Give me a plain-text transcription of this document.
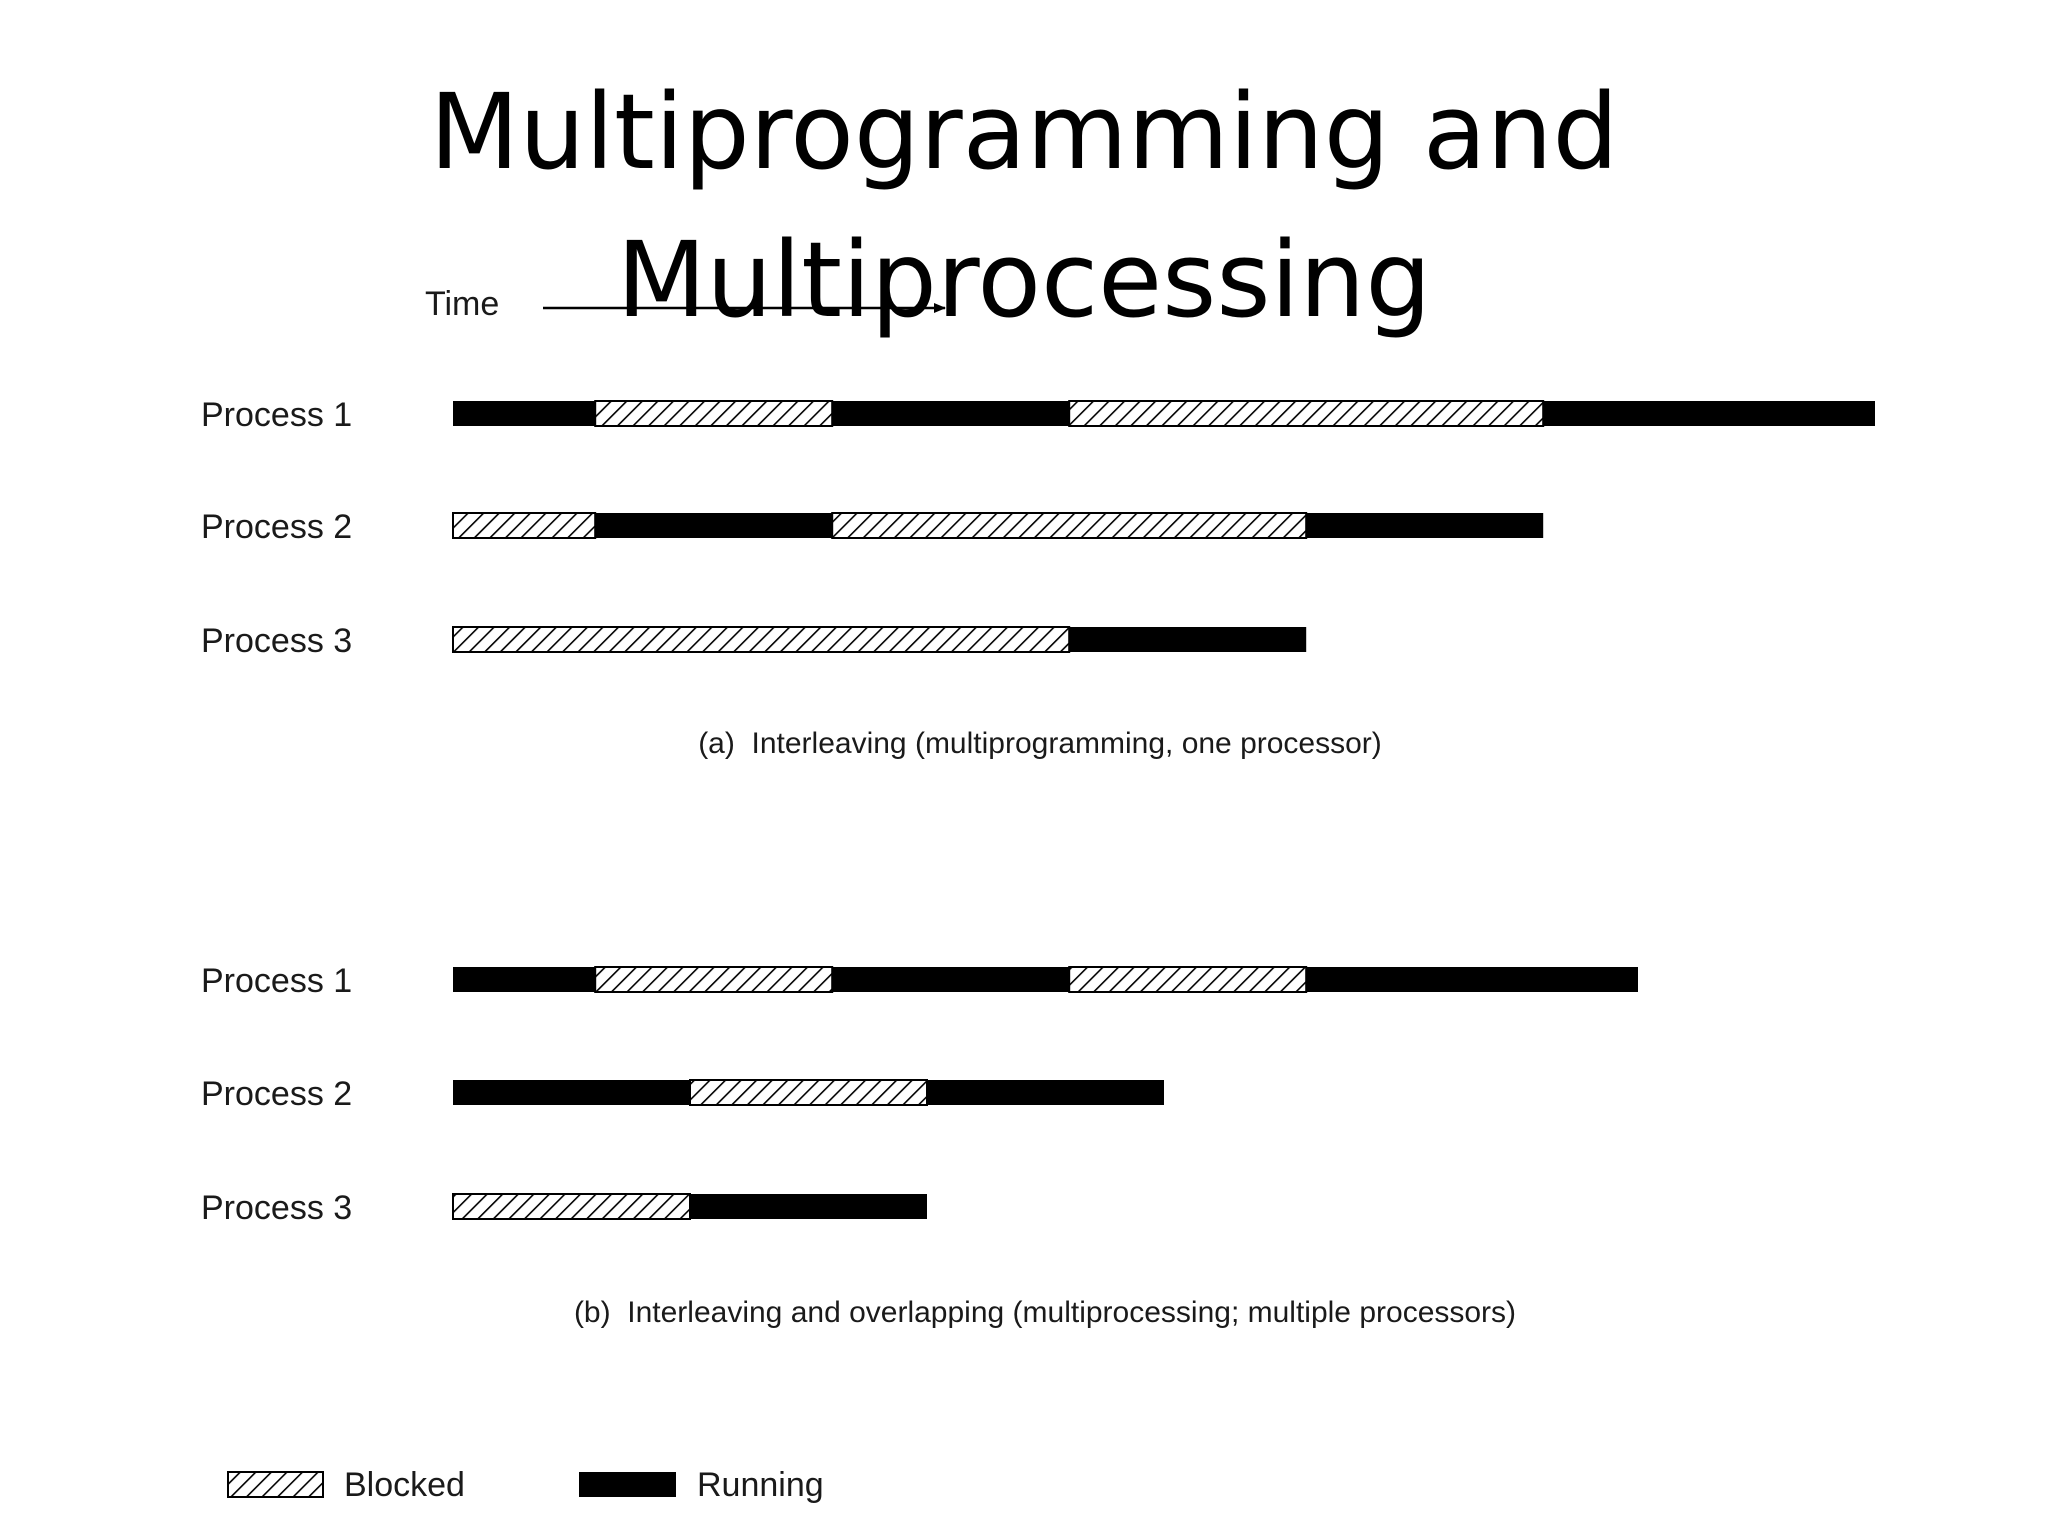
Multiprogramming and
Multiprocessing
Time
Process 1
Process 2
Process 3
(a)  Interleaving (multiprogramming, one processor)
Process 1
Process 2
Process 3
(b)  Interleaving and overlapping (multiprocessing; multiple processors)
Blocked	Running
